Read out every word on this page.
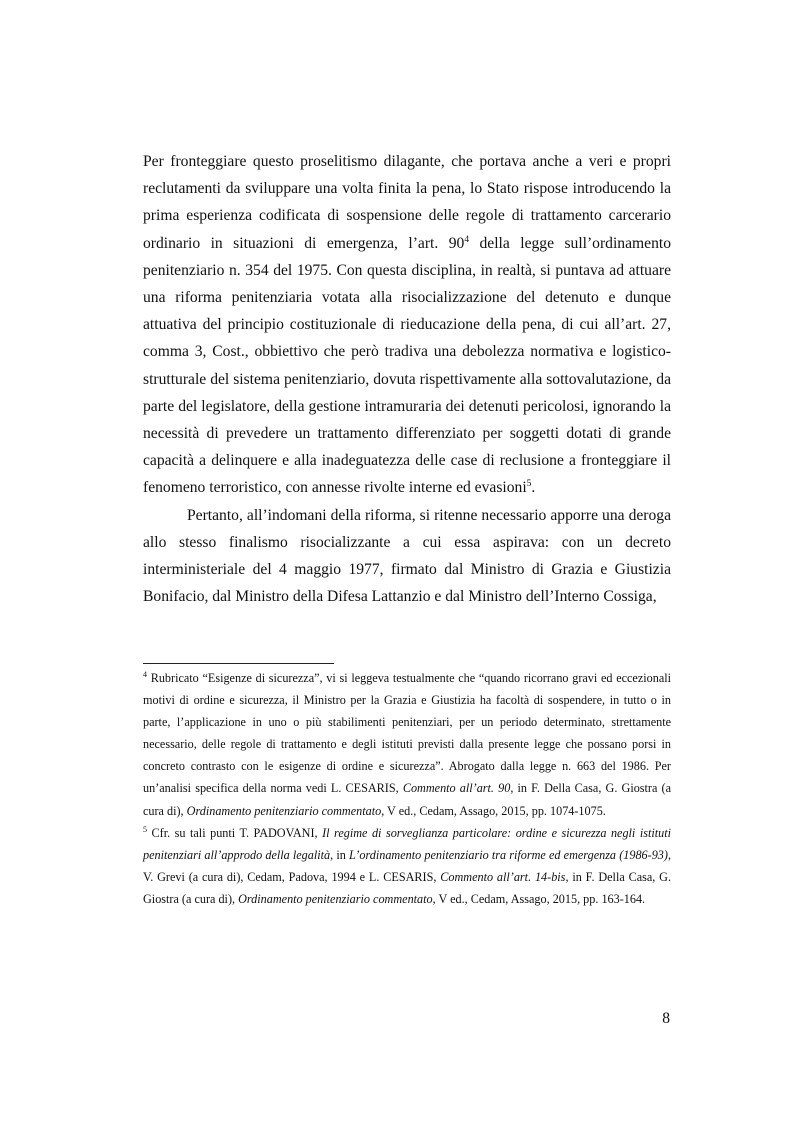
Per fronteggiare questo proselitismo dilagante, che portava anche a veri e propri reclutamenti da sviluppare una volta finita la pena, lo Stato rispose introducendo la prima esperienza codificata di sospensione delle regole di trattamento carcerario ordinario in situazioni di emergenza, l’art. $90^4$ della legge sull’ordinamento penitenziario n. 354 del 1975. Con questa disciplina, in realtà, si puntava ad attuare una riforma penitenziaria votata alla risocializzazione del detenuto e dunque attuativa del principio costituzionale di rieducazione della pena, di cui all’art. 27, comma 3, Cost., obbiettivo che però tradiva una debolezza normativa e logistico-strutturale del sistema penitenziario, dovuta rispettivamente alla sottovalutazione, da parte del legislatore, della gestione intramuraria dei detenuti pericolosi, ignorando la necessità di prevedere un trattamento differenziato per soggetti dotati di grande capacità a delinquere e alla inadeguatezza delle case di reclusione a fronteggiare il fenomeno terroristico, con annesse rivolte interne ed evasioni$^5$.

Pertanto, all’indomani della riforma, si ritenne necessario apporre una deroga allo stesso finalismo risocializzante a cui essa aspirava: con un decreto interministeriale del 4 maggio 1977, firmato dal Ministro di Grazia e Giustizia Bonifacio, dal Ministro della Difesa Lattanzio e dal Ministro dell’Interno Cossiga,

$^4$ Rubricato “Esigenze di sicurezza”, vi si leggeva testualmente che “quando ricorrano gravi ed eccezionali motivi di ordine e sicurezza, il Ministro per la Grazia e Giustizia ha facoltà di sospendere, in tutto o in parte, l’applicazione in uno o più stabilimenti penitenziari, per un periodo determinato, strettamente necessario, delle regole di trattamento e degli istituti previsti dalla presente legge che possano porsi in concreto contrasto con le esigenze di ordine e sicurezza”. Abrogato dalla legge n. 663 del 1986. Per un’analisi specifica della norma vedi L. CESARIS, Commento all’art. 90, in F. Della Casa, G. Giostra (a cura di), Ordinamento penitenziario commentato, V ed., Cedam, Assago, 2015, pp. 1074-1075.

$^5$ Cfr. su tali punti T. PADOVANI, Il regime di sorveglianza particolare: ordine e sicurezza negli istituti penitenziari all’approdo della legalità, in L’ordinamento penitenziario tra riforme ed emergenza (1986-93), V. Grevi (a cura di), Cedam, Padova, 1994 e L. CESARIS, Commento all’art. 14-bis, in F. Della Casa, G. Giostra (a cura di), Ordinamento penitenziario commentato, V ed., Cedam, Assago, 2015, pp. 163-164.

8
